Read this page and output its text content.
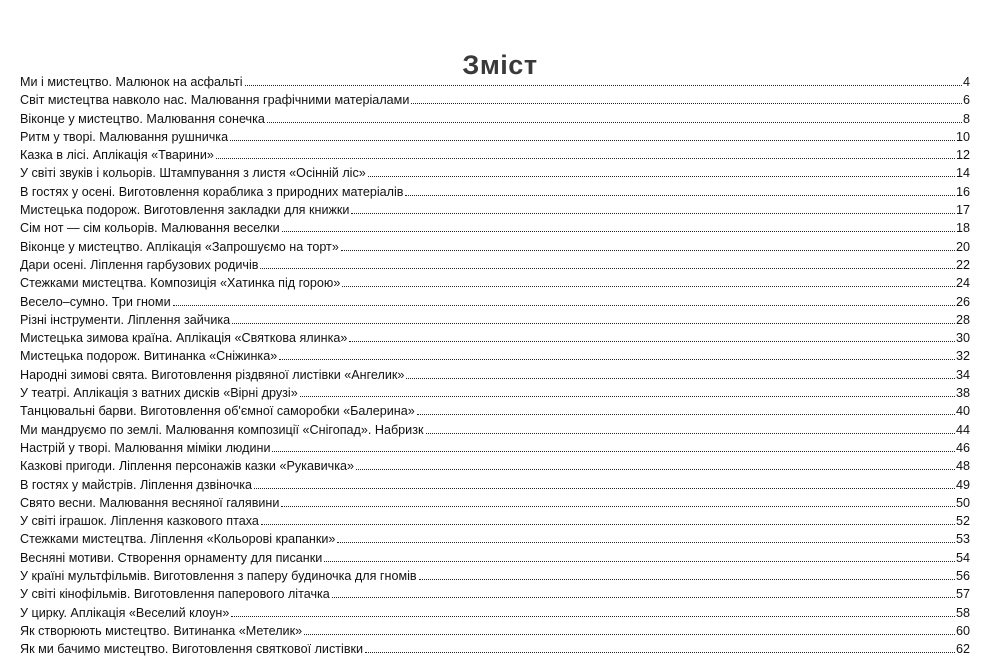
Зміст
Ми і мистецтво. Малюнок на асфальті	4
Світ мистецтва навколо нас. Малювання графічними матеріалами	6
Віконце у мистецтво. Малювання сонечка	8
Ритм у творі. Малювання рушничка	10
Казка в лісі. Аплікація «Тварини»	12
У світі звуків і кольорів. Штампування з листя «Осінній ліс»	14
В гостях у осені. Виготовлення кораблика з природних матеріалів	16
Мистецька подорож. Виготовлення закладки для книжки	17
Сім нот — сім кольорів. Малювання веселки	18
Віконце у мистецтво. Аплікація «Запрошуємо на торт»	20
Дари осені. Ліплення гарбузових родичів	22
Стежками мистецтва. Композиція «Хатинка під горою»	24
Весело–сумно. Три гноми	26
Різні інструменти. Ліплення зайчика	28
Мистецька зимова країна. Аплікація «Святкова ялинка»	30
Мистецька подорож. Витинанка «Сніжинка»	32
Народні зимові свята. Виготовлення різдвяної листівки «Ангелик»	34
У театрі. Аплікація з ватних дисків «Вірні друзі»	38
Танцювальні барви. Виготовлення об'ємної саморобки «Балерина»	40
Ми мандруємо по землі. Малювання композиції «Снігопад». Набризк	44
Настрій у творі. Малювання міміки людини	46
Казкові пригоди. Ліплення персонажів казки «Рукавичка»	48
В гостях у майстрів. Ліплення дзвіночка	49
Свято весни. Малювання весняної галявини	50
У світі іграшок. Ліплення казкового птаха	52
Стежками мистецтва. Ліплення «Кольорові крапанки»	53
Весняні мотиви. Створення орнаменту для писанки	54
У країні мультфільмів. Виготовлення з паперу будиночка для гномів	56
У світі кінофільмів. Виготовлення паперового літачка	57
У цирку. Аплікація «Веселий клоун»	58
Як створюють мистецтво. Витинанка «Метелик»	60
Як ми бачимо мистецтво. Виготовлення святкової листівки	62
